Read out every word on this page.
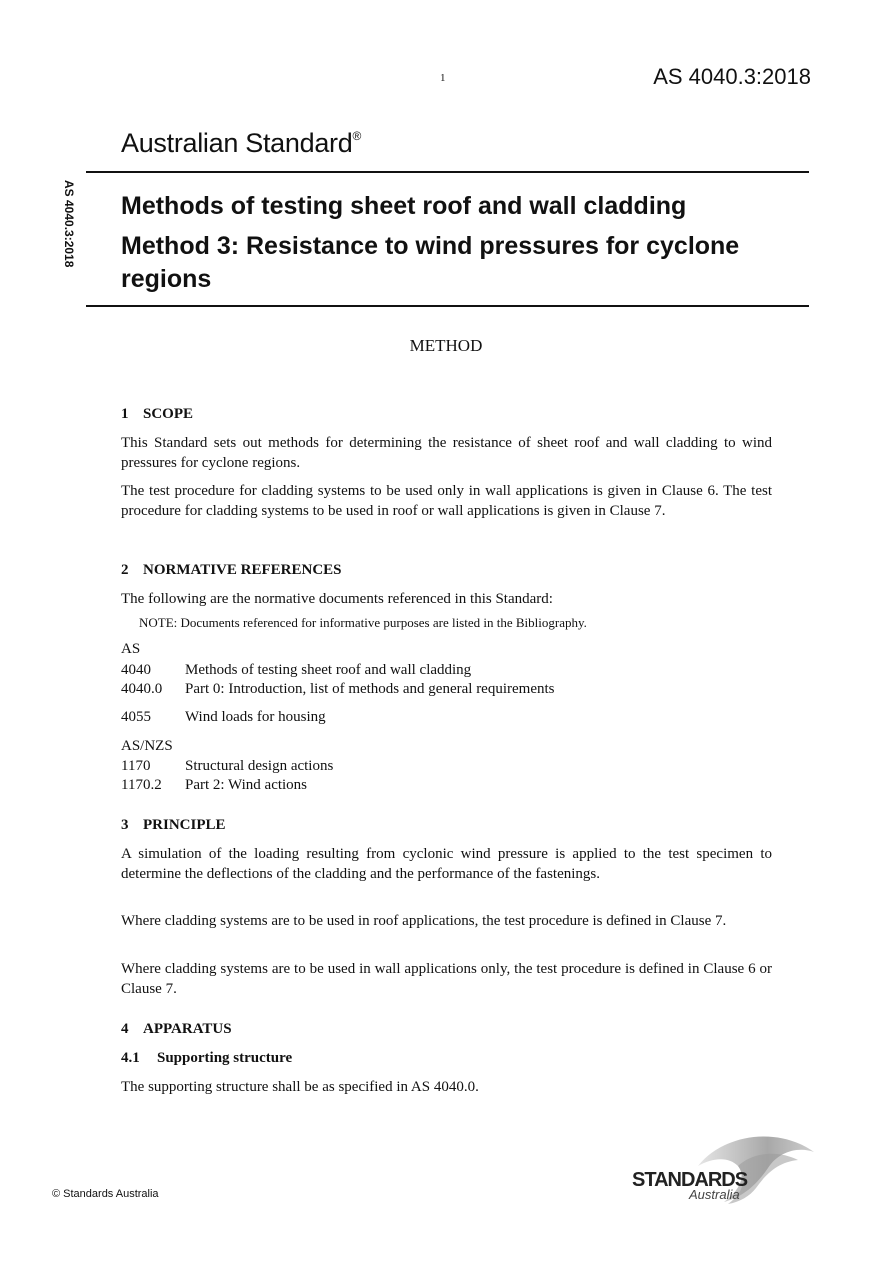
1	AS 4040.3:2018
Australian Standard®
AS 4040.3:2018 Methods of testing sheet roof and wall cladding
Method 3: Resistance to wind pressures for cyclone regions
METHOD
1 SCOPE
This Standard sets out methods for determining the resistance of sheet roof and wall cladding to wind pressures for cyclone regions.
The test procedure for cladding systems to be used only in wall applications is given in Clause 6. The test procedure for cladding systems to be used in roof or wall applications is given in Clause 7.
2 NORMATIVE REFERENCES
The following are the normative documents referenced in this Standard:
NOTE: Documents referenced for informative purposes are listed in the Bibliography.
AS
4040 Methods of testing sheet roof and wall cladding
4040.0 Part 0: Introduction, list of methods and general requirements
4055 Wind loads for housing
AS/NZS
1170 Structural design actions
1170.2 Part 2: Wind actions
3 PRINCIPLE
A simulation of the loading resulting from cyclonic wind pressure is applied to the test specimen to determine the deflections of the cladding and the performance of the fastenings.
Where cladding systems are to be used in roof applications, the test procedure is defined in Clause 7.
Where cladding systems are to be used in wall applications only, the test procedure is defined in Clause 6 or Clause 7.
4 APPARATUS
4.1 Supporting structure
The supporting structure shall be as specified in AS 4040.0.
© Standards Australia
STANDARDS
Australia
